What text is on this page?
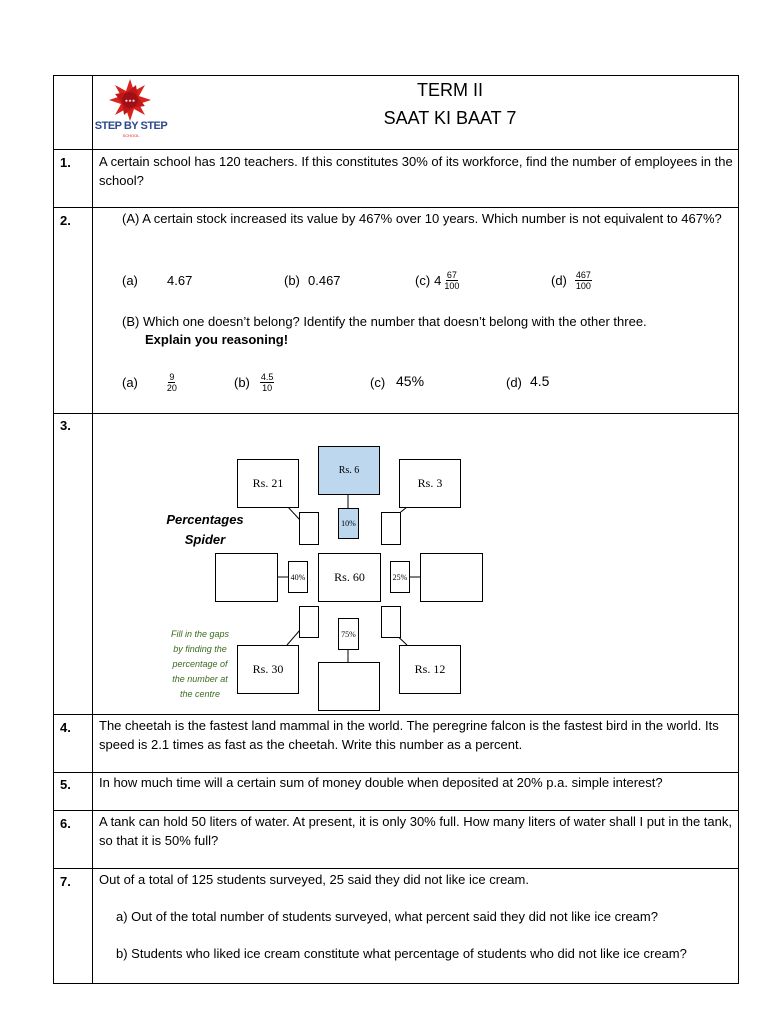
★★★
STEP BY STEP
SCHOOL
TERM II
SAAT KI BAAT 7
1. A certain school has 120 teachers. If this constitutes 30% of its workforce, find the number of employees in the school?
2.	(A) A certain stock increased its value by 467% over 10 years. Which number is not equivalent to 467%?
(a) 4.67	(b) 0.467	(c) $4 \frac{67}{100}$	$(d) \frac{467}{100}$
(B) Which one doesn’t belong? Identify the number that doesn’t belong with the other three.
Explain you reasoning!
(a)	$\frac{9}{20}$	$(b) \frac{4.5}{10}$	(c) 45%	(d) 4.5
3.
Rs. 6
10%
Rs. 21	Rs. 3
40%	Rs. 60	25%
75%
Rs. 30	Rs. 12
Percentages
Spider
Fill in the gaps
by finding the
percentage of
the number at
the centre
4. The cheetah is the fastest land mammal in the world. The peregrine falcon is the fastest bird in the world. Its speed is 2.1 times as fast as the cheetah. Write this number as a percent.
5. In how much time will a certain sum of money double when deposited at 20% p.a. simple interest?
6. A tank can hold 50 liters of water. At present, it is only 30% full. How many liters of water shall I put in the tank, so that it is 50% full?
7. Out of a total of 125 students surveyed, 25 said they did not like ice cream.
a) Out of the total number of students surveyed, what percent said they did not like ice cream?
b) Students who liked ice cream constitute what percentage of students who did not like ice cream?
